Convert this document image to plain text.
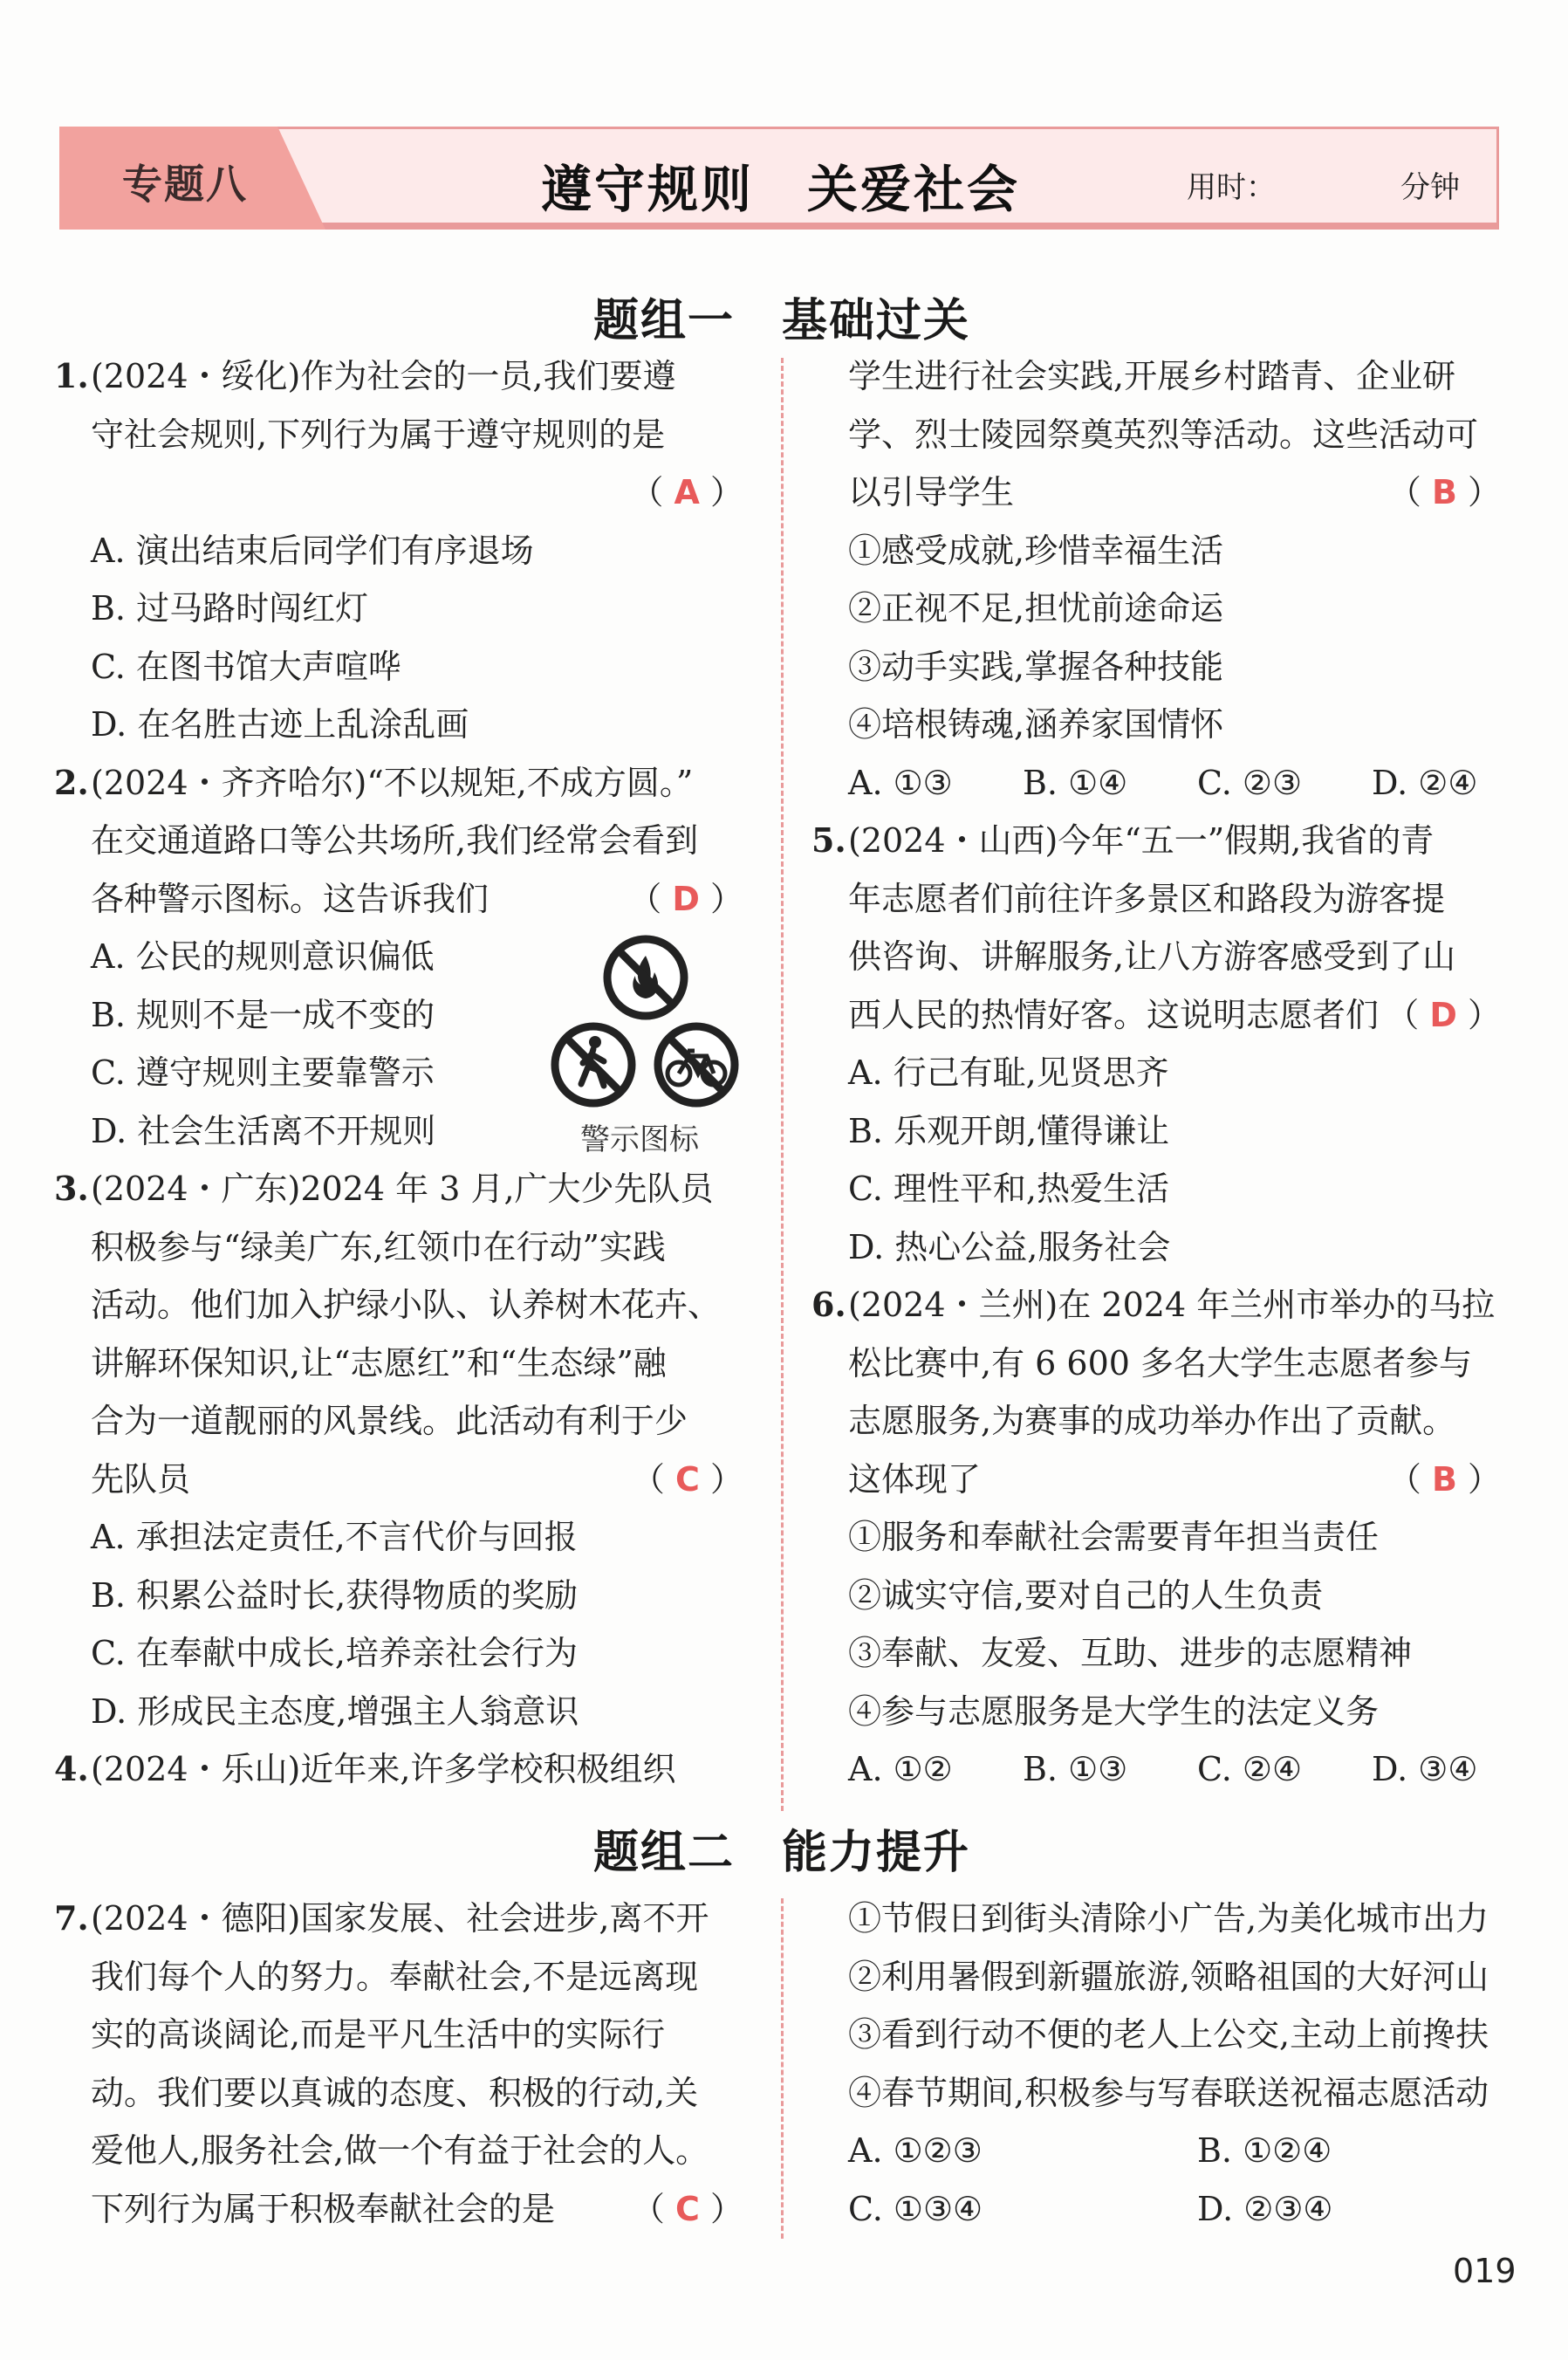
专题八	遵守规则　关爱社会	用时：	分钟
题组一　基础过关
1.(2024・绥化)作为社会的一员,我们要遵
守社会规则,下列行为属于遵守规则的是
（ A ）
A. 演出结束后同学们有序退场
B. 过马路时闯红灯
C. 在图书馆大声喧哗
D. 在名胜古迹上乱涂乱画
2.(2024・齐齐哈尔)“不以规矩,不成方圆。”
在交通道路口等公共场所,我们经常会看到
各种警示图标。这告诉我们	（ D ）
A. 公民的规则意识偏低
B. 规则不是一成不变的
C. 遵守规则主要靠警示
D. 社会生活离不开规则
3.(2024・广东)2024 年 3 月,广大少先队员
积极参与“绿美广东,红领巾在行动”实践
活动。他们加入护绿小队、认养树木花卉、
讲解环保知识,让“志愿红”和“生态绿”融
合为一道靓丽的风景线。此活动有利于少
先队员	（ C ）
A. 承担法定责任,不言代价与回报
B. 积累公益时长,获得物质的奖励
C. 在奉献中成长,培养亲社会行为
D. 形成民主态度,增强主人翁意识
4.(2024・乐山)近年来,许多学校积极组织
警示图标
学生进行社会实践,开展乡村踏青、企业研
学、烈士陵园祭奠英烈等活动。这些活动可
以引导学生	（ B ）
①感受成就,珍惜幸福生活
②正视不足,担忧前途命运
③动手实践,掌握各种技能
④培根铸魂,涵养家国情怀
A. ①③ B. ①④ C. ②③ D. ②④
5.(2024・山西)今年“五一”假期,我省的青
年志愿者们前往许多景区和路段为游客提
供咨询、讲解服务,让八方游客感受到了山
西人民的热情好客。这说明志愿者们 （ D ）
A. 行己有耻,见贤思齐
B. 乐观开朗,懂得谦让
C. 理性平和,热爱生活
D. 热心公益,服务社会
6.(2024・兰州)在 2024 年兰州市举办的马拉
松比赛中,有 6 600 多名大学生志愿者参与
志愿服务,为赛事的成功举办作出了贡献。
这体现了	（ B ）
①服务和奉献社会需要青年担当责任
②诚实守信,要对自己的人生负责
③奉献、友爱、互助、进步的志愿精神
④参与志愿服务是大学生的法定义务
A. ①② B. ①③ C. ②④ D. ③④
题组二　能力提升
7.(2024・德阳)国家发展、社会进步,离不开
我们每个人的努力。奉献社会,不是远离现
实的高谈阔论,而是平凡生活中的实际行
动。我们要以真诚的态度、积极的行动,关
爱他人,服务社会,做一个有益于社会的人。
下列行为属于积极奉献社会的是 （ C ）
①节假日到街头清除小广告,为美化城市出力
②利用暑假到新疆旅游,领略祖国的大好河山
③看到行动不便的老人上公交,主动上前搀扶
④春节期间,积极参与写春联送祝福志愿活动
A. ①②③	B. ①②④
C. ①③④	D. ②③④
019
